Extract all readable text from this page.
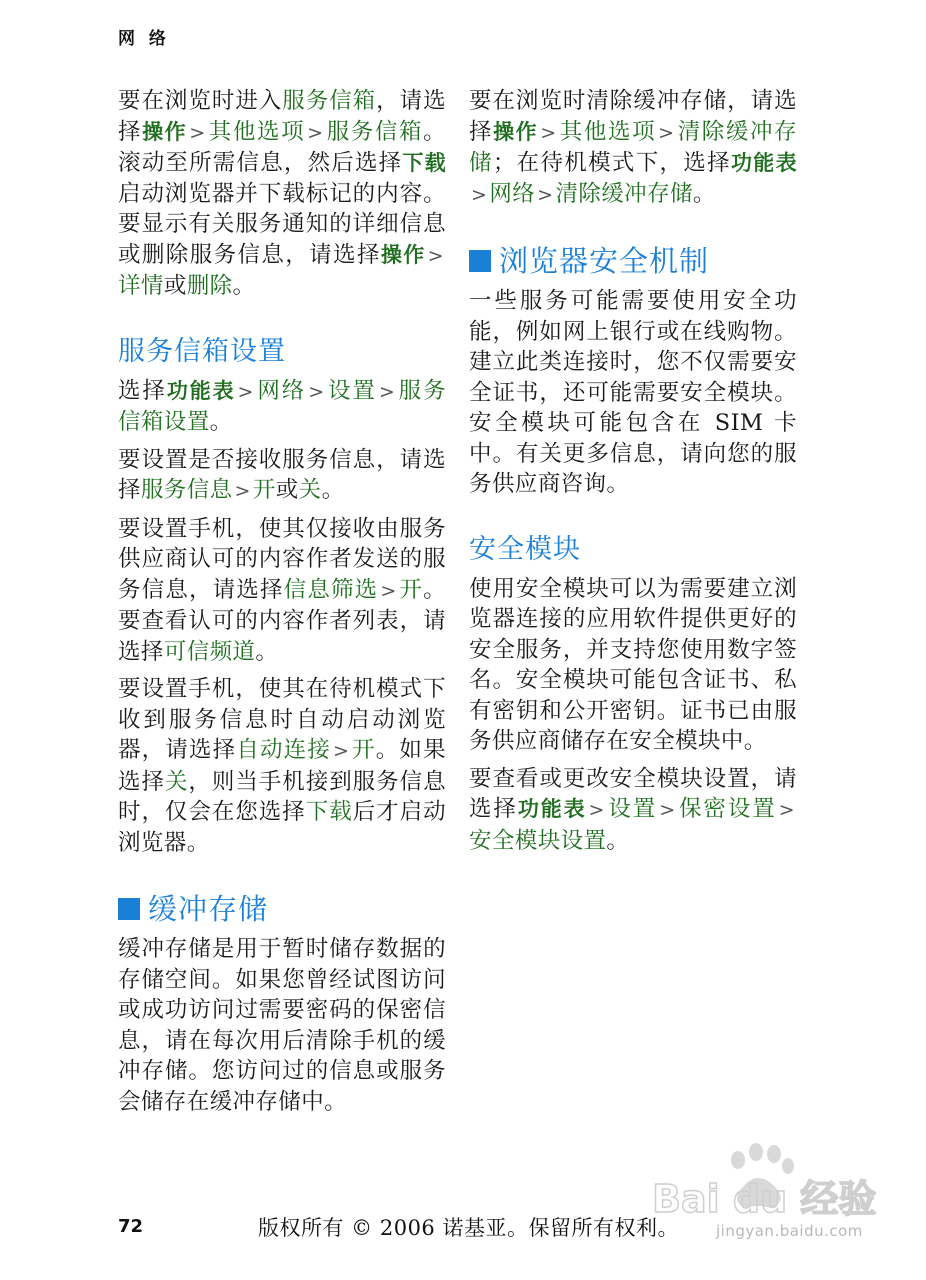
网 络

要在浏览时进入服务信箱，请选择操作 >其他选项 >服务信箱。滚动至所需信息，然后选择下载启动浏览器并下载标记的内容。要显示有关服务通知的详细信息或删除服务信息，请选择操作 >详情或删除。

服务信箱设置

选择功能表 >网络 >设置 >服务信箱设置。

要设置是否接收服务信息，请选择服务信息 >开或关。

要设置手机，使其仅接收由服务供应商认可的内容作者发送的服务信息，请选择信息筛选 >开。要查看认可的内容作者列表，请选择可信频道。

要设置手机，使其在待机模式下收到服务信息时自动启动浏览器，请选择自动连接 >开。如果选择关，则当手机接到服务信息时，仅会在您选择下载后才启动浏览器。

缓冲存储

缓冲存储是用于暂时储存数据的存储空间。如果您曾经试图访问或成功访问过需要密码的保密信息，请在每次用后清除手机的缓冲存储。您访问过的信息或服务会储存在缓冲存储中。

要在浏览时清除缓冲存储，请选择操作 >其他选项 >清除缓冲存储；在待机模式下，选择功能表>网络 >清除缓冲存储。

浏览器安全机制

一些服务可能需要使用安全功能，例如网上银行或在线购物。建立此类连接时，您不仅需要安全证书，还可能需要安全模块。安全模块可能包含在 SIM 卡中。有关更多信息，请向您的服务供应商咨询。

安全模块

使用安全模块可以为需要建立浏览器连接的应用软件提供更好的安全服务，并支持您使用数字签名。安全模块可能包含证书、私有密钥和公开密钥。证书已由服务供应商储存在安全模块中。

要查看或更改安全模块设置，请选择功能表 >设置 >保密设置 >安全模块设置。

Bai du 经验
jingyan.baidu.com
72	版权所有 © 2006 诺基亚。保留所有权利。
